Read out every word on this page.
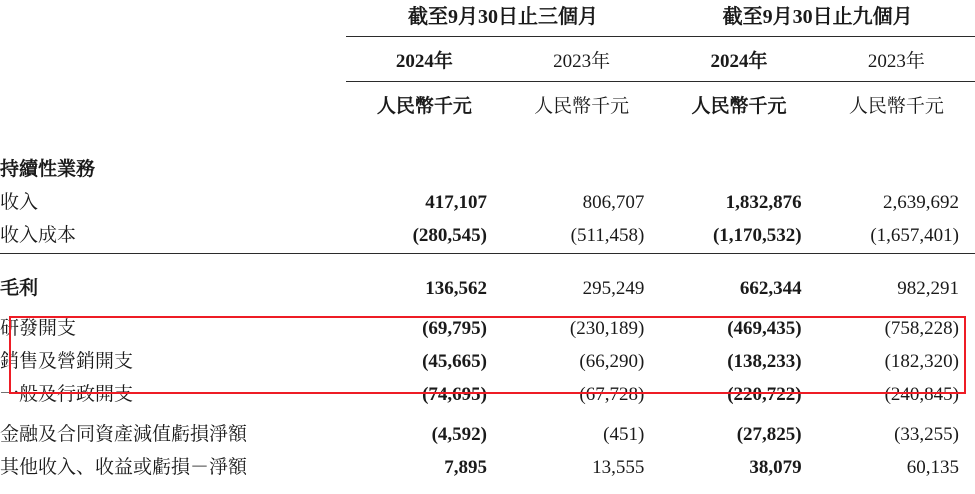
	截至9月30日止三個月		截至9月30日止九個月	
	2024年	2023年	2024年	2023年
	人民幣千元	人民幣千元	人民幣千元	人民幣千元

持續性業務				
收入	417,107	806,707	1,832,876	2,639,692
收入成本	(280,545)	(511,458)	(1,170,532)	(1,657,401)

毛利	136,562	295,249	662,344	982,291
研發開支	(69,795)	(230,189)	(469,435)	(758,228)
銷售及營銷開支	(45,665)	(66,290)	(138,233)	(182,320)
一般及行政開支	(74,695)	(67,728)	(220,722)	(240,845)
金融及合同資產減值虧損淨額	(4,592)	(451)	(27,825)	(33,255)
其他收入、收益或虧損－淨額	7,895	13,555	38,079	60,135
